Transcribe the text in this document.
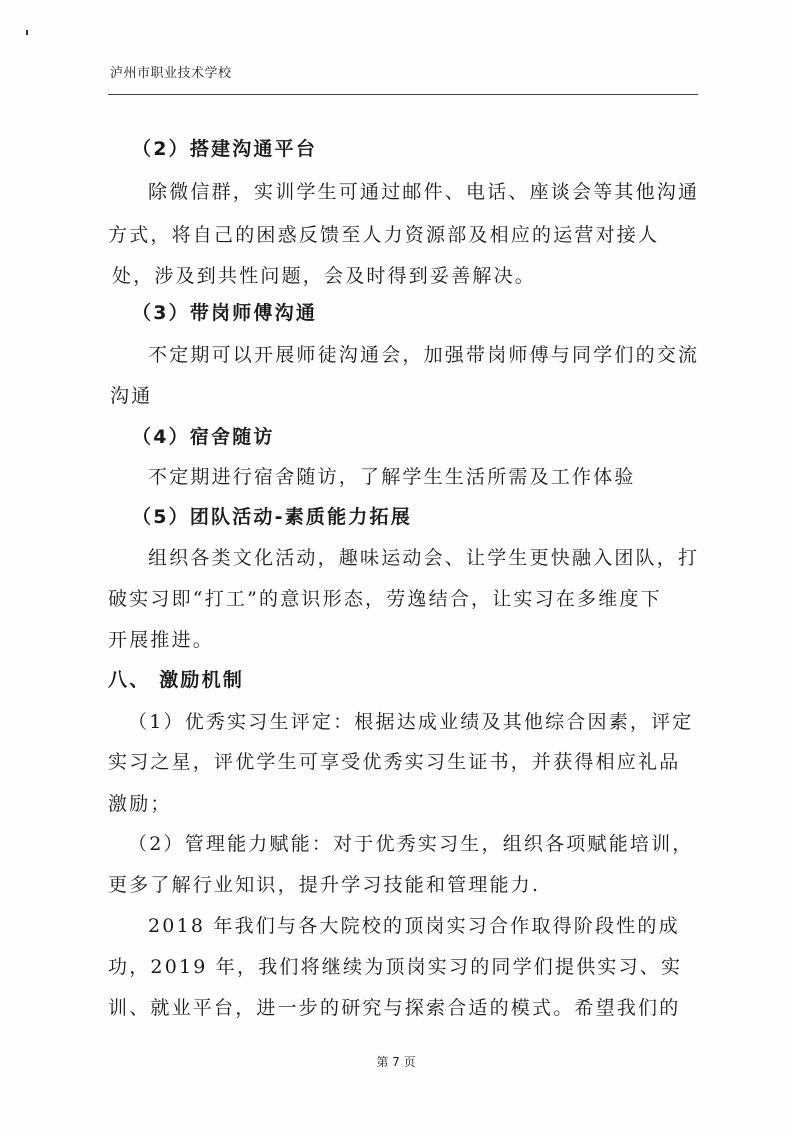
泸州市职业技术学校
（2）搭建沟通平台
除微信群，实训学生可通过邮件、电话、座谈会等其他沟通
方式，将自己的困惑反馈至人力资源部及相应的运营对接人
处，涉及到共性问题，会及时得到妥善解决。
（3）带岗师傅沟通
不定期可以开展师徒沟通会，加强带岗师傅与同学们的交流
沟通
（4）宿舍随访
不定期进行宿舍随访，了解学生生活所需及工作体验
（5）团队活动-素质能力拓展
组织各类文化活动，趣味运动会、让学生更快融入团队，打
破实习即“打工”的意识形态，劳逸结合，让实习在多维度下
开展推进。
八、 激励机制
（1）优秀实习生评定：根据达成业绩及其他综合因素，评定
实习之星，评优学生可享受优秀实习生证书，并获得相应礼品
激励；
（2）管理能力赋能：对于优秀实习生，组织各项赋能培训，
更多了解行业知识，提升学习技能和管理能力.
2018 年我们与各大院校的顶岗实习合作取得阶段性的成
功，2019 年，我们将继续为顶岗实习的同学们提供实习、实
训、就业平台，进一步的研究与探索合适的模式。希望我们的
第 7 页
